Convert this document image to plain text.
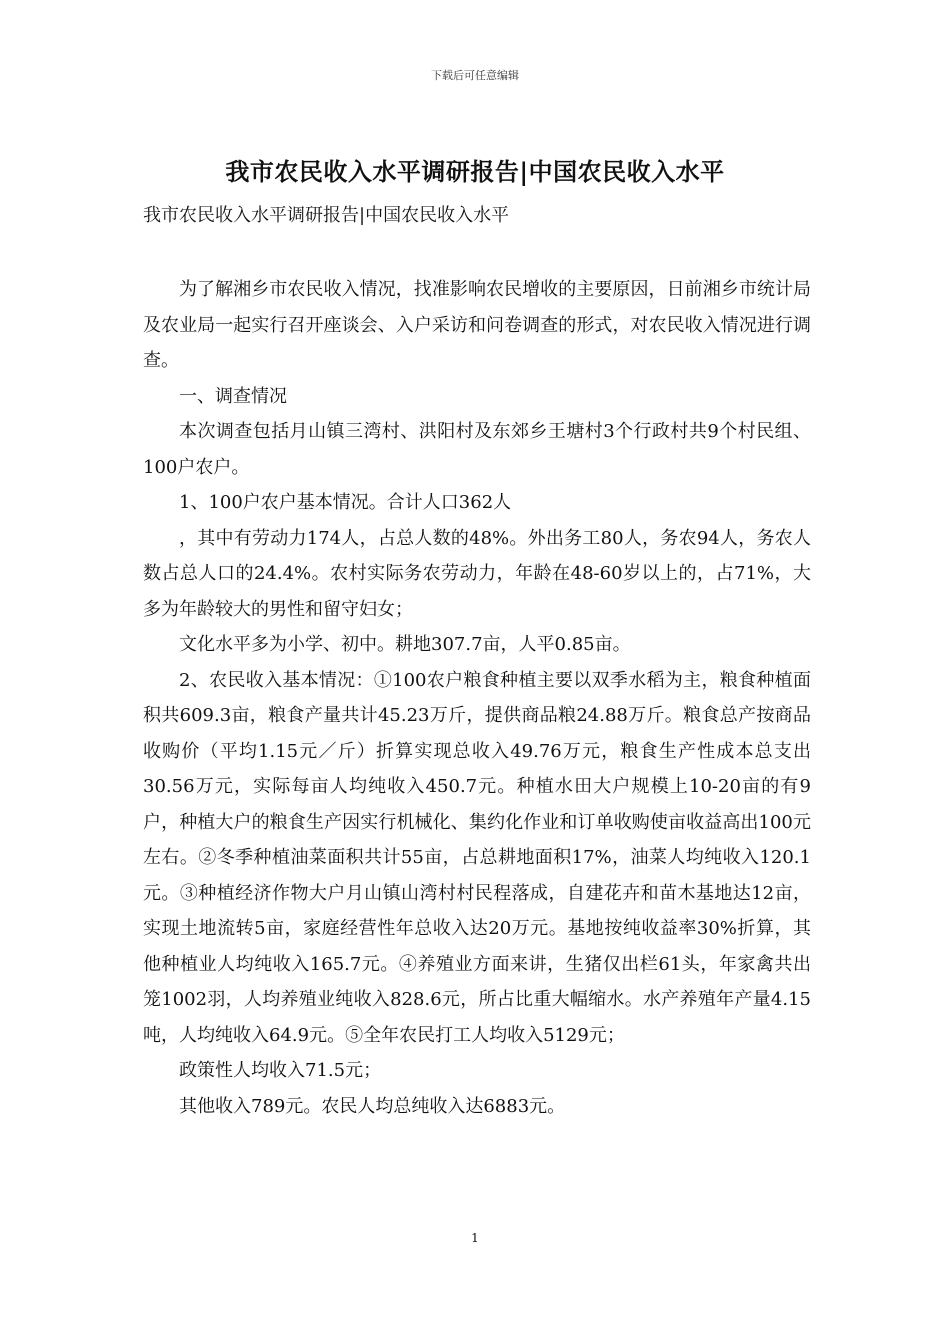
下载后可任意编辑
我市农民收入水平调研报告|中国农民收入水平
我市农民收入水平调研报告|中国农民收入水平

为了解湘乡市农民收入情况，找准影响农民增收的主要原因，日前湘乡市统计局及农业局一起实行召开座谈会、入户采访和问卷调查的形式，对农民收入情况进行调查。

一、调查情况

本次调查包括月山镇三湾村、洪阳村及东郊乡王塘村3个行政村共9个村民组、100户农户。

1、100户农户基本情况。合计人口362人

，其中有劳动力174人，占总人数的48%。外出务工80人，务农94人，务农人数占总人口的24.4%。农村实际务农劳动力，年龄在48-60岁以上的，占71%，大多为年龄较大的男性和留守妇女；

文化水平多为小学、初中。耕地307.7亩，人平0.85亩。

2、农民收入基本情况：①100农户粮食种植主要以双季水稻为主，粮食种植面积共609.3亩，粮食产量共计45.23万斤，提供商品粮24.88万斤。粮食总产按商品收购价（平均1.15元／斤）折算实现总收入49.76万元，粮食生产性成本总支出30.56万元，实际每亩人均纯收入450.7元。种植水田大户规模上10-20亩的有9户，种植大户的粮食生产因实行机械化、集约化作业和订单收购使亩收益高出100元左右。②冬季种植油菜面积共计55亩，占总耕地面积17%，油菜人均纯收入120.1元。③种植经济作物大户月山镇山湾村村民程落成，自建花卉和苗木基地达12亩，实现土地流转5亩，家庭经营性年总收入达20万元。基地按纯收益率30%折算，其他种植业人均纯收入165.7元。④养殖业方面来讲，生猪仅出栏61头，年家禽共出笼1002羽，人均养殖业纯收入828.6元，所占比重大幅缩水。水产养殖年产量4.15吨，人均纯收入64.9元。⑤全年农民打工人均收入5129元；

政策性人均收入71.5元；

其他收入789元。农民人均总纯收入达6883元。

1
